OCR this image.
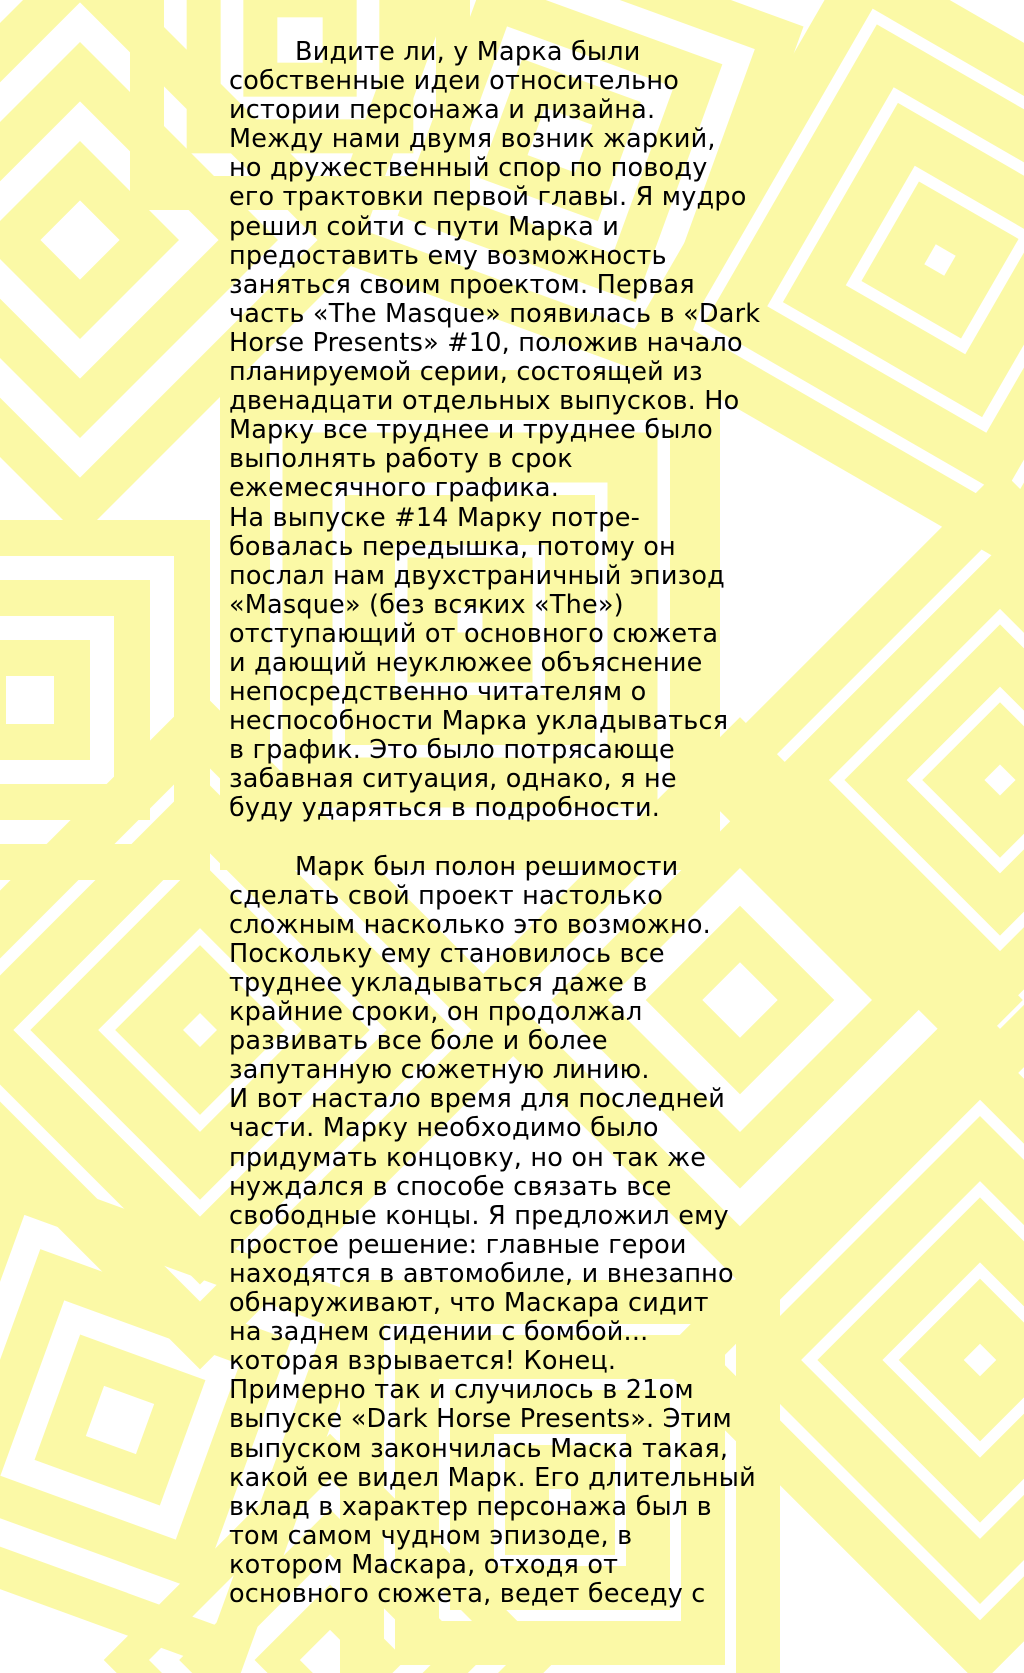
Видите ли, у Марка были
собственные идеи относительно
истории персонажа и дизайна.
Между нами двумя возник жаркий,
но дружественный спор по поводу
его трактовки первой главы. Я мудро
решил сойти с пути Марка и
предоставить ему возможность
заняться своим проектом. Первая
часть «The Masque» появилась в «Dark
Horse Presents» #10, положив начало
планируемой серии, состоящей из
двенадцати отдельных выпусков. Но
Марку все труднее и труднее было
выполнять работу в срок
ежемесячного графика.
На выпуске #14 Марку потре-
бовалась передышка, потому он
послал нам двухстраничный эпизод
«Masque» (без всяких «The»)
отступающий от основного сюжета
и дающий неуклюжее объяснение
непосредственно читателям о
неспособности Марка укладываться
в график. Это было потрясающе
забавная ситуация, однако, я не
буду ударяться в подробности.
Марк был полон решимости
сделать свой проект настолько
сложным насколько это возможно.
Поскольку ему становилось все
труднее укладываться даже в
крайние сроки, он продолжал
развивать все боле и более
запутанную сюжетную линию.
И вот настало время для последней
части. Марку необходимо было
придумать концовку, но он так же
нуждался в способе связать все
свободные концы. Я предложил ему
простое решение: главные герои
находятся в автомобиле, и внезапно
обнаруживают, что Маскара сидит
на заднем сидении с бомбой...
которая взрывается! Конец.
Примерно так и случилось в 21ом
выпуске «Dark Horse Presents». Этим
выпуском закончилась Маска такая,
какой ее видел Марк. Его длительный
вклад в характер персонажа был в
том самом чудном эпизоде, в
котором Маскара, отходя от
основного сюжета, ведет беседу с
